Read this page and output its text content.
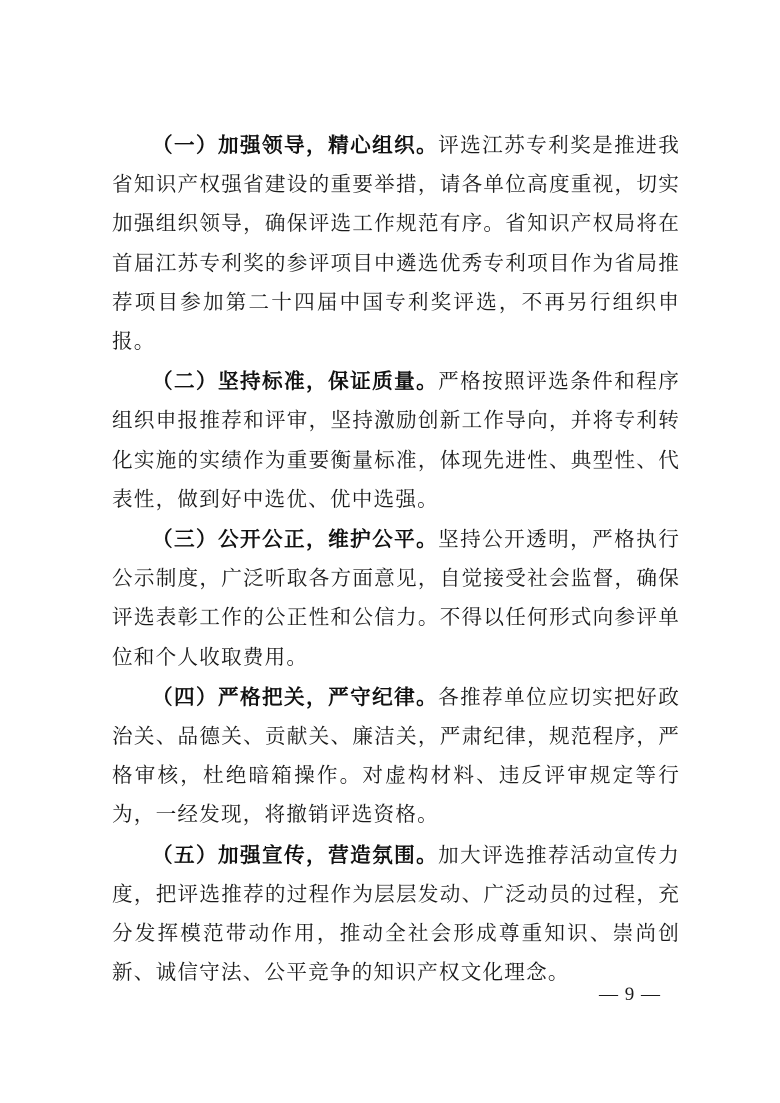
（一）加强领导，精心组织。评选江苏专利奖是推进我省知识产权强省建设的重要举措，请各单位高度重视，切实加强组织领导，确保评选工作规范有序。省知识产权局将在首届江苏专利奖的参评项目中遴选优秀专利项目作为省局推荐项目参加第二十四届中国专利奖评选，不再另行组织申报。

（二）坚持标准，保证质量。严格按照评选条件和程序组织申报推荐和评审，坚持激励创新工作导向，并将专利转化实施的实绩作为重要衡量标准，体现先进性、典型性、代表性，做到好中选优、优中选强。

（三）公开公正，维护公平。坚持公开透明，严格执行公示制度，广泛听取各方面意见，自觉接受社会监督，确保评选表彰工作的公正性和公信力。不得以任何形式向参评单位和个人收取费用。

（四）严格把关，严守纪律。各推荐单位应切实把好政治关、品德关、贡献关、廉洁关，严肃纪律，规范程序，严格审核，杜绝暗箱操作。对虚构材料、违反评审规定等行为，一经发现，将撤销评选资格。

（五）加强宣传，营造氛围。加大评选推荐活动宣传力度，把评选推荐的过程作为层层发动、广泛动员的过程，充分发挥模范带动作用，推动全社会形成尊重知识、崇尚创新、诚信守法、公平竞争的知识产权文化理念。

— 9 —
